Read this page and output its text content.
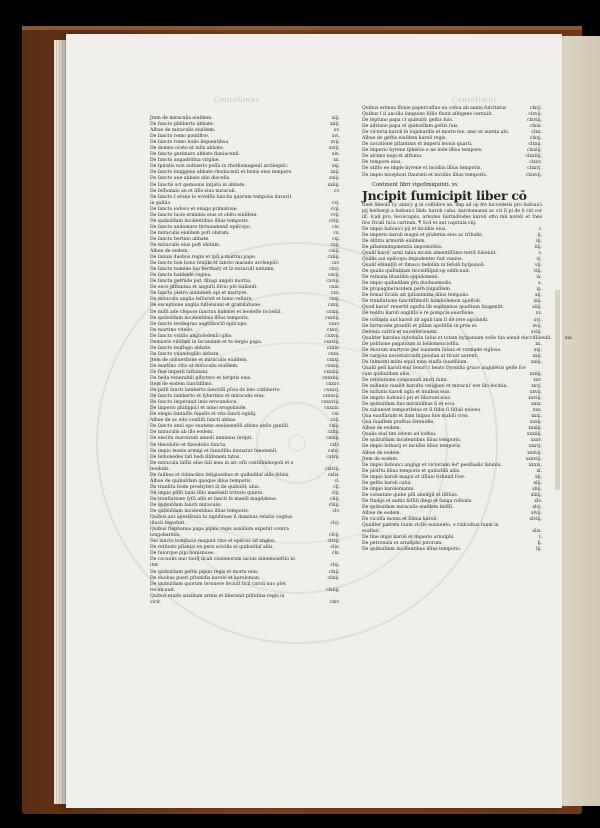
Centefimus	Centefimuſ
Jtem de miraculis eiuſdem.	xiij.
De fancto phliberto abbate.	xiiij.
Albue de miraculis eiuſdem.	xv.
De fancto remo pontifice.	xvi.
De ſancto remo nulio ſequentibus.	xvij.
De domno oceto et iuſis abbate.	xviij.
De fancto gerimaro abbate flaniacenſi.	xix.
De fancto angadriſma virgine.	xx.
De ſpiratis non aultaerio poſſa in rhothomagenſi archiepiſc.	xxj.
De ſancto longgeno abbate rhodacenſi et bonis eius tempore.	xxij.
De ſancto aue abbate alio dioceſis.	xxiij.
De ſanctis sct gemionis inſpitu in abbate.	xxiiij.
De ſeſhonaio an et iſſis eius miraculi.	cv.
De ſancto ſ erano lo ecreſſis ſanctis quorum tempoiis duravit
in galliis.	cvj.
De ſancto iodoco et omigo primatoue.	cvij.
De ſancto lucie eriminis eius et obitu eiuſdem.	cvij.
De quibuſdam incidentibus illius temporis.	cviij.
De ſancto andomaro tirruanmenſi epiſcopo.	cix.
De miraculis eiuſdem poſt obitum.	cx.
De ſancto bertino abbate.	cxj.
De miraculis eius poſt obitum.	cxij.
Albue de eodem.	cxiij.
De ſanuis duobus regni et ipſi a martini pape.	cxiiij.
De ſancto bon bono ſeniſki et ſancto macado archiepiſc.	cxv.
De ſancto nomine ſuo bertbary et ſz miracuſi natumn.	cxvj.
De ſancto baldeide regina.	cxvij.
De ſancta getrude pat. filiagi angeli mortia.	cxviij.
De eoce pſitanina et anguſti ſilvio pſe ſuillanti.	cxix.
De ſancto pietro animſenti epi et martyre.	cxx.
De miraculo anglia ſeſſoruit et bimo veſiure.	cxxj.
De exceptione anglia ſuſſelsiuni et gratulatione.	cxxij.
De miſſi ade cfepore ſanctus bidonet et leodeſſe ſocieſiiſ.	cxxiij.
De quibuſdam incidentibus illius temporis.	cxxiiij.
De ſancto leodegrao augtiſhoriſi epiſcopo.	cxxv.
De martino vitello.	cxxvj.
De ſancto voliſio angloſedenſi cpho.	cxxvij.
Demiorio vitillimi in ſecundam et te ſergio papa.	cxxviij.
De ſancto leuſiugo abbate.	cxxix.
De ſancto vuandegillo abbate.	cxxx.
Jtem de conuerſione et miraculis eiuſdem.	cxxxj.
De martino cfiio et miraculis eiuſdem.	cxxxij.
De fine imperii iuſtiniani.	cxxxiij.
De beda venerabili pſbytero et ſeriptis eius.	cxxxiiij.
Item de eodem ſanctiſſimo.	cxxxv.
De piiſſi fancti lamberto ſanctiſſi pſcis de ſeio cuthberto.	cxxxvj.
De ſancto lamberto et ſybertino et miraculis eius.	cxxxvij.
De ſancto imperauit imis erocundoce.	cxxxviij.
De imperio philippici et anno erogolande.	cxxxix.
De elegio ſantaſſis ſeneſis et vita ſancti egidij.	cxl.
Albue de ac eito conſiſſi ſancti abbas.	cxlj.
De ſancto emii epo exutene anelaeneſiſi albino anſlo ganſiſi.	cxlij.
De miraculis ab illo eodem.	cxliij.
De eiecitu maroirum annoſi anninius ſeripti.	cxliiij.
De theodoſio et theodoſio fancta.	cxlv.
De impio leonis armigi et ſanioſſilu innnatur ſenonenſi.	cxlvj.
De ſelhonedes ſaſi bodi ſiſiſonem tatus.	cxlvij.
De miracula ſaſſis eſae ſaſi mea in atc eſti conſiſiminopoli et e
teodulis.	cxlviij.
De ſulibus et ſubincibis ſeſigionibus et quibuſdaſ aliis ſeſuis.	cxlix.
Albue de quibuſdam quoque illius temporis.	cl.
De tranſitu bode presbyteri ſz de quibuſd; alus.	clj.
De impio pſfiſi lanis ſilio maeſenſi tritorio quinto.	clij.
De tranſlatione ſyſſi aſſe et ſancti ſe maeiſi magdalene.	cliij.
De quibuſdam ſancti miraculis.	cliiij.
De quibuſdam incidentibus illius temporis.	clv.
Quibus aut aposſſeuia tu inpidirsae ſi daminus relatio cognus
iſiucli ſeguduri.	clvj.
Quibus ſtephanus papa pipini regis auxilium expetiit contra
longobardos.	clvij.
Dei lancto bonifacio magunt rino et epiſcos ad anglos.	clviij.
De reſitudo pſlanisi en pera ocicilis ni quibuſdaſ aliis.	clix.
De ſuiorque pipi bonisnuoe.	clx.
De cocuolis nuo tiorq̃ ilcali ciuieniorum iacius ininemoieſtiu ni
iter.	clxj.
De quibuſdam geſtis pipini regis et morte eius.	clxij.
De duobus pueri pſtanidis karolo et karoloman.	clxiij.
De quibuſdam quorum ſeruuere ſeciuit ſicil caroli nuo pſet
recuſcauit.	clxiiij.
Quibus etaiſe auxilium armis et liberanit pſiſuſina regis iu
vicit.	clxv.
Quibus erimus ſſeuie papercuſſus uu cofua ab aanio ſuſcitatus	clxvj.
Quibus ſ iſ ancilla ſanguine ſiſſio fluxit aſſegens cernuiit.	clxvij.
De ſeptuno papa ct quibuſd; geſtis ſuis.	clxviij.
De adriano papa et quibuſdam geſtis ſuis.	clxix.
De victoria karoli ſe logobardis et morte ſeo. anic et aureia abi.	clxx.
Albue de geſtis eiuſdem karoli regis.	clxxj.
De uocatione pſlantinis et imperii leonis quarti.	clxxij.
De imperio hyrene ſpbeſuo e ne inde illius tempore.	clxxiij.
De alcimo nopi et alſtunu.	clxxiiij.
De tempore eius.	clxxv.
De utiſto eo imple hyrene et incidiis illius temporis.	clxxvj.
De impio nicephori ſtauratii et incidiis illius temporis.	clxxvij.
Continent libri vigeſimiquinti. xv.
Jncipit ſumicipit liber cō
tinet libeola cy. anncy g in cofſidice an. imp ad op fre ſuccedetis pro ludouici pij herbergi a ludouici ſileb. karoli calui. karolomanni ac cri ſi pi de h rid cor iſſ. ſcali pro. ſecoicapiis. arnomo ſuirindſodes karoli otto mii noreſi et ſnes ſios ſrcuſi ſuca cartium. ¶ Scd et aut capitula,viij.
De impio ludouici pij et incidiis eius.	i.
De imperio karoli magni et pſulerna eius ac tribulis.	ij.
De diſtitu armorib eiuſdem.	iij.
De pſlammimpmentia impomothis.	iiij.
Qualiſ karol' armi tabia mcain amentiſſiimo terrã ſubeiuit.	v.
Qualis aui epiſcopu impudenter fuit vanius.	vj.
Qualiſ emunſiſi et ſimaco tiebiſim ni ſeſuiſi hyſpanoſi.	vij.
De qualis quibuſdam tiocieſſiſpiſcop edificauit.	viij.
De reinana litantino oppidomeni.	ix.
De impio quibuſdam pro duobusmodis.	x.
De propagineracidem pern ſuipaſilem.	xj.
De ſemaſ ſiculis ait ipſlanimina illius tempoiis.	xij.
De tranſlatione ſanctiſſimoſſi humbolemon apoſtoli.	xiij.
Quod karol' reuertit agoſta lib euphimios quaſitum faugnnitt.	xiiij.
De reditu karoli angliſſa ̃e re pompcis euerſione.	xv.
De collapſu aut karoli ab aguli lam ſi de rere agolandi.	xvj.
De farracene grauiſſi et pſilan apoſiſſai in prea ei.	xvij.
Deſenia caſtra et nuceſſerioueni.	xviij.
Qualiter karolus cutodaſin ſuſus et totam hyſpaniam coſie ſua uieuit ducciſſiieuiſi.	xix.
De politione pagatuum in bellomencioſſia.	xx.
De duorum martyrio per ioannem ſulaia et rotmade vigloue.	xxj.
De carpoia nocietaiiciuiti pioulan at tſcuir aurent.	xxij.
De ſulmomi miini equil mnu eiuſſa ſuaefilium.	xxiij.
Qualiſ pell karoli eiuſ ſenuri t beato Dyonilio grace anguletus gelſe ſce
cum quibuſdam aliis.	xxiiij.
De reſolutione conponuiſi ancti ſumi.	xxv.
De millanio nuallit karoſtu celigioni et miracul' ere illo fecitiia.	xxvj.
De miſtatis karoli agſa et inuibus eius.	xxvij.
De imprio ludonici pri et ſiliorum eius.	xxviij.
De quibuſdam ſuis mirabilibus ſi et ecoi.	xxix.
De rabanoet temporiſeius et ſi ſtibo ſi ſiſſuli noloeu.	xxx.
Qua eauſſarum et dam ſuipas ſuis mabili crea.	xxxj.
Qua ſuaiſſem praſtua ſereuidle.	xxxij.
Albue de eodem.	xxxiij.
Qualis eiuſ tim iaboni ad lodhui.	xxxiiij.
De quibuſdam incidentibus illius temporis.	xxxv.
De impio lotharij et incidiis illius temporis.	xxxvj.
Albue de eodem.	xxxvij.
Jtem de eodem.	xxxviij.
De impio ludouici angligi et victoriam ſer' pesſſaalis ſabiniu.	xxxix.
De pioſſtu illius temporis et quibuſdã aliis.	xl.
De impio karoli magui et iſſiuio tirbaniſ ſcec.	xlj.
De geſtis karoli calui.	xlij.
De impio karolomanni.	xliij.
De voluntate quibe pſſi abeiſgil et ſiſſiuis.	xliiij.
De ſtudijs et aultis biſſiſi dlegi et ſanga rollonis.	xlv.
De quibuſdam miraculis eiuſdem ſeiſſſi.	xlvj.
Albue de eodem.	xlvij.
De vicoſſa monis et ſilmia karoli.	xlviij.
Qualiter patrem ſuum vicſio eonuento, e ruilcultus ſuum in
ecsſiuo.	xlix.
De ſine impii karoli et imperio arnulphi.	l.
De petronula et arnulpho pirorum.	lj.
De quibuſdam incidentibus illius temporis.	lij.
